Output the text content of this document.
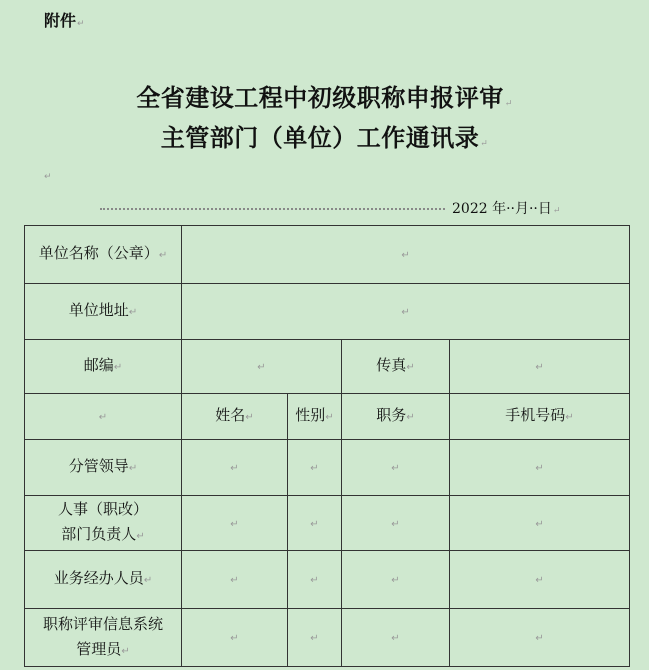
附件↵
全省建设工程中初级职称申报评审↵
主管部门（单位）工作通讯录↵
↵
2022 年··月··日↵
单位名称（公章）↵	↵			
单位地址↵	↵			
邮编↵	↵		传真↵	↵
↵	姓名↵	性别↵	职务↵	手机号码↵
分管领导↵	↵	↵	↵	↵

人事（职改）
部门负责人↵	↵	↵	↵	↵
业务经办人员↵	↵	↵	↵	↵

职称评审信息系统
管理员↵	↵	↵	↵	↵
